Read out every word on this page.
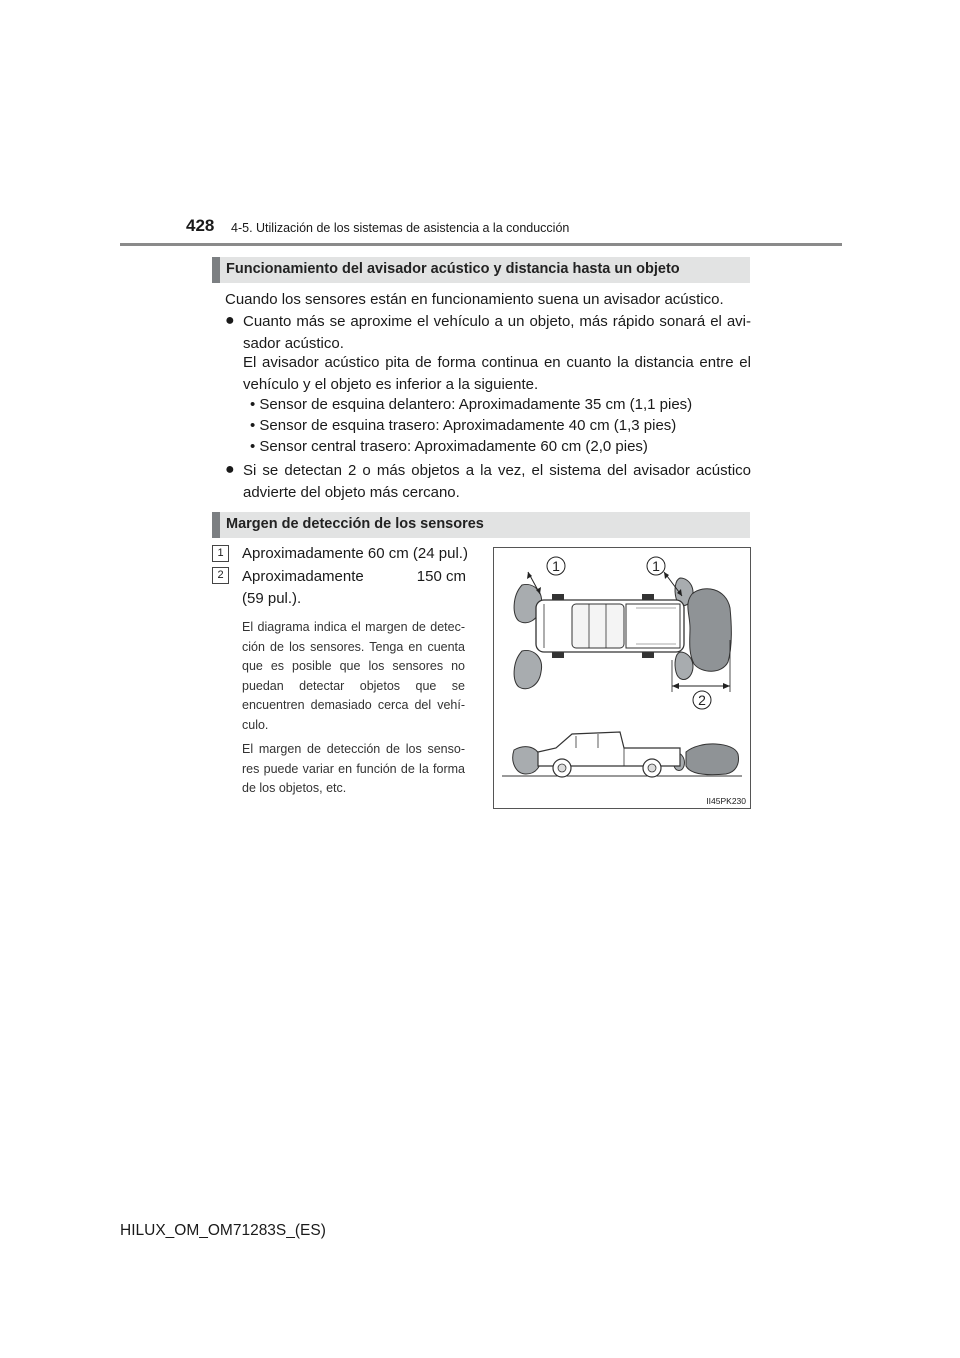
428 4-5. Utilización de los sistemas de asistencia a la conducción
Funcionamiento del avisador acústico y distancia hasta un objeto
Cuando los sensores están en funcionamiento suena un avisador acústico.
● Cuanto más se aproxime el vehículo a un objeto, más rápido sonará el avi-
sador acústico.
El avisador acústico pita de forma continua en cuanto la distancia entre el
vehículo y el objeto es inferior a la siguiente.
• Sensor de esquina delantero: Aproximadamente 35 cm (1,1 pies)
• Sensor de esquina trasero: Aproximadamente 40 cm (1,3 pies)
• Sensor central trasero: Aproximadamente 60 cm (2,0 pies)
● Si se detectan 2 o más objetos a la vez, el sistema del avisador acústico
advierte del objeto más cercano.
Margen de detección de los sensores
1	Aproximadamente 60 cm (24 pul.)
2	Aproximadamente	150 cm
(59 pul.).
El diagrama indica el margen de detec-ción de los sensores. Tenga en cuenta que es posible que los sensores no puedan detectar objetos que se encuentren demasiado cerca del vehí-culo.
El margen de detección de los senso-res puede variar en función de la forma de los objetos, etc.
1	1
2
II45PK230
HILUX_OM_OM71283S_(ES)
